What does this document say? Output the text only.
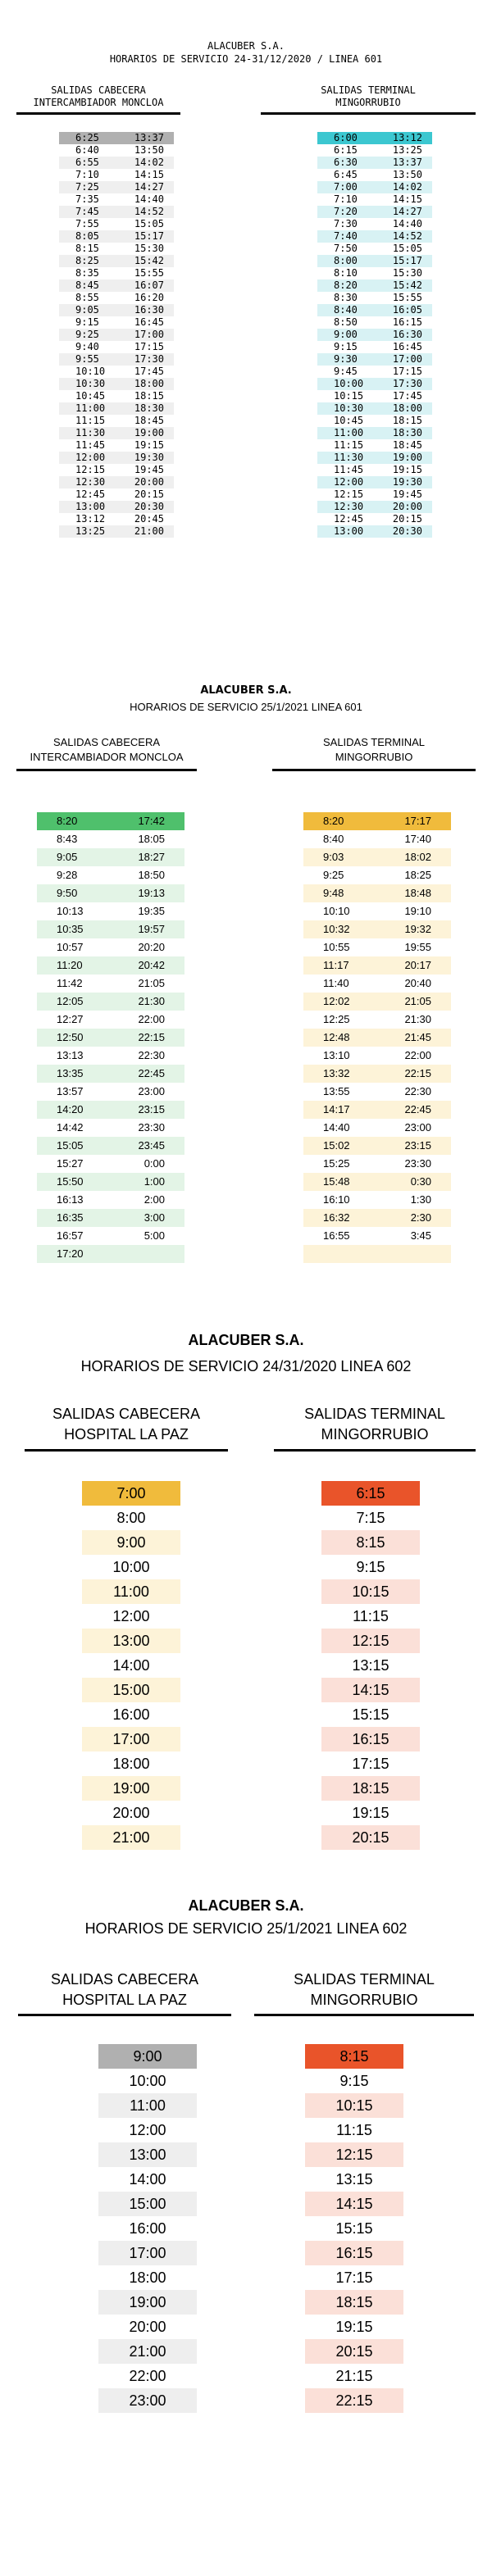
ALACUBER S.A.
HORARIOS DE SERVICIO 24-31/12/2020 / LINEA 601
SALIDAS CABECERA
INTERCAMBIADOR MONCLOA
SALIDAS TERMINAL
MINGORRUBIO
6:25	13:37
6:40	13:50
6:55	14:02
7:10	14:15
7:25	14:27
7:35	14:40
7:45	14:52
7:55	15:05
8:05	15:17
8:15	15:30
8:25	15:42
8:35	15:55
8:45	16:07
8:55	16:20
9:05	16:30
9:15	16:45
9:25	17:00
9:40	17:15
9:55	17:30
10:10	17:45
10:30	18:00
10:45	18:15
11:00	18:30
11:15	18:45
11:30	19:00
11:45	19:15
12:00	19:30
12:15	19:45
12:30	20:00
12:45	20:15
13:00	20:30
13:12	20:45
13:25	21:00
6:00	13:12
6:15	13:25
6:30	13:37
6:45	13:50
7:00	14:02
7:10	14:15
7:20	14:27
7:30	14:40
7:40	14:52
7:50	15:05
8:00	15:17
8:10	15:30
8:20	15:42
8:30	15:55
8:40	16:05
8:50	16:15
9:00	16:30
9:15	16:45
9:30	17:00
9:45	17:15
10:00	17:30
10:15	17:45
10:30	18:00
10:45	18:15
11:00	18:30
11:15	18:45
11:30	19:00
11:45	19:15
12:00	19:30
12:15	19:45
12:30	20:00
12:45	20:15
13:00	20:30
ALACUBER S.A.
HORARIOS DE SERVICIO 25/1/2021 LINEA 601
SALIDAS CABECERA
INTERCAMBIADOR MONCLOA
SALIDAS TERMINAL
MINGORRUBIO
8:20	17:42
8:43	18:05
9:05	18:27
9:28	18:50
9:50	19:13
10:13	19:35
10:35	19:57
10:57	20:20
11:20	20:42
11:42	21:05
12:05	21:30
12:27	22:00
12:50	22:15
13:13	22:30
13:35	22:45
13:57	23:00
14:20	23:15
14:42	23:30
15:05	23:45
15:27	0:00
15:50	1:00
16:13	2:00
16:35	3:00
16:57	5:00
17:20
8:20	17:17
8:40	17:40
9:03	18:02
9:25	18:25
9:48	18:48
10:10	19:10
10:32	19:32
10:55	19:55
11:17	20:17
11:40	20:40
12:02	21:05
12:25	21:30
12:48	21:45
13:10	22:00
13:32	22:15
13:55	22:30
14:17	22:45
14:40	23:00
15:02	23:15
15:25	23:30
15:48	0:30
16:10	1:30
16:32	2:30
16:55	3:45
ALACUBER S.A.
HORARIOS DE SERVICIO 24/31/2020 LINEA 602
SALIDAS CABECERA
HOSPITAL LA PAZ
SALIDAS TERMINAL
MINGORRUBIO
7:00
8:00
9:00
10:00
11:00
12:00
13:00
14:00
15:00
16:00
17:00
18:00
19:00
20:00
21:00
6:15
7:15
8:15
9:15
10:15
11:15
12:15
13:15
14:15
15:15
16:15
17:15
18:15
19:15
20:15
ALACUBER S.A.
HORARIOS DE SERVICIO 25/1/2021 LINEA 602
SALIDAS CABECERA
HOSPITAL LA PAZ
SALIDAS TERMINAL
MINGORRUBIO
9:00
10:00
11:00
12:00
13:00
14:00
15:00
16:00
17:00
18:00
19:00
20:00
21:00
22:00
23:00
8:15
9:15
10:15
11:15
12:15
13:15
14:15
15:15
16:15
17:15
18:15
19:15
20:15
21:15
22:15
